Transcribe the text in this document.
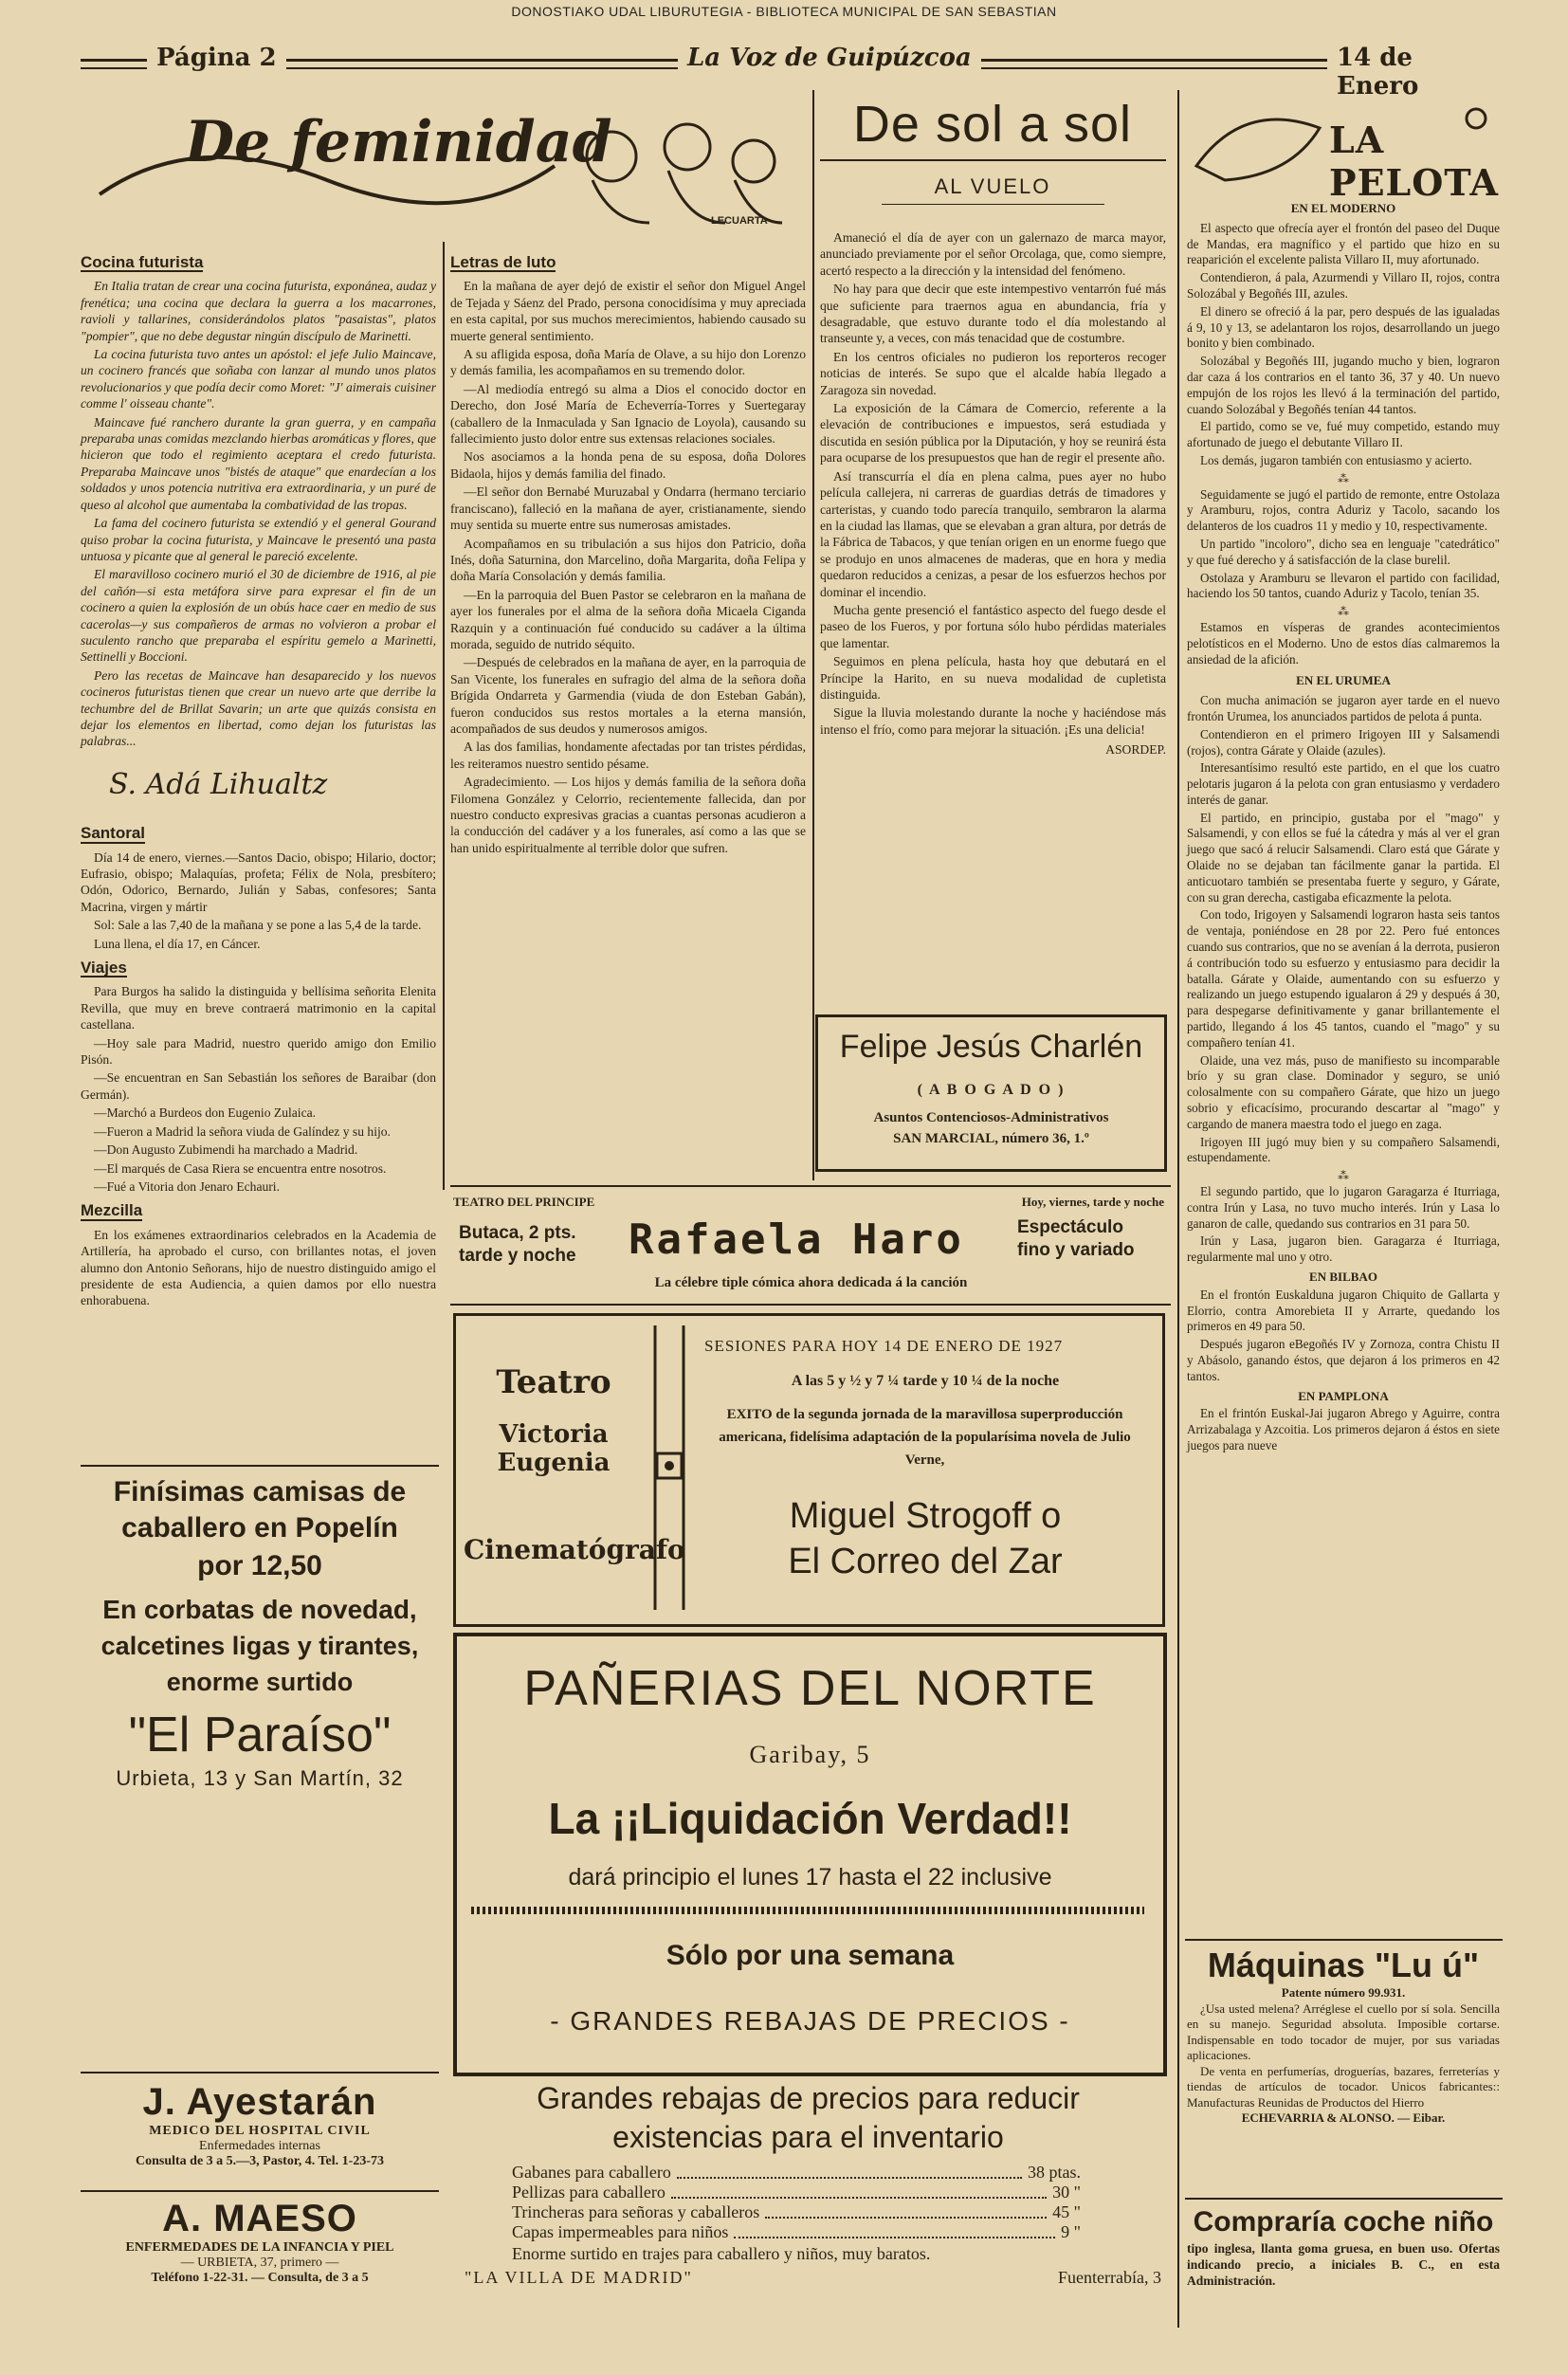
DONOSTIAKO UDAL LIBURUTEGIA - BIBLIOTECA MUNICIPAL DE SAN SEBASTIAN
Página 2	La Voz de Guipúzcoa	14 de Enero
De feminidad
LECUARTA
Cocina futurista

En Italia tratan de crear una cocina futurista, exponánea, audaz y frenética; una cocina que declara la guerra a los macarrones, ravioli y tallarines, considerándolos platos "pasaistas", platos "pompier", que no debe degustar ningún discípulo de Marinetti.

La cocina futurista tuvo antes un apóstol: el jefe Julio Maincave, un cocinero francés que soñaba con lanzar al mundo unos platos revolucionarios y que podía decir como Moret: "J' aimerais cuisiner comme l' oisseau chante".

Maincave fué ranchero durante la gran guerra, y en campaña preparaba unas comidas mezclando hierbas aromáticas y flores, que hicieron que todo el regimiento aceptara el credo futurista. Preparaba Maincave unos "bistés de ataque" que enardecían a los soldados y unos potencia nutritiva era extraordinaria, y un puré de queso al alcohol que aumentaba la combatividad de las tropas.

La fama del cocinero futurista se extendió y el general Gourand quiso probar la cocina futurista, y Maincave le presentó una pasta untuosa y picante que al general le pareció excelente.

El maravilloso cocinero murió el 30 de diciembre de 1916, al pie del cañón—si esta metáfora sirve para expresar el fin de un cocinero a quien la explosión de un obús hace caer en medio de sus cacerolas—y sus compañeros de armas no volvieron a probar el suculento rancho que preparaba el espíritu gemelo a Marinetti, Settinelli y Boccioni.

Pero las recetas de Maincave han desaparecido y los nuevos cocineros futuristas tienen que crear un nuevo arte que derribe la techumbre del de Brillat Savarin; un arte que quizás consista en dejar los elementos en libertad, como dejan los futuristas las palabras...

S. Adá Lihualtz
Santoral

Día 14 de enero, viernes.—Santos Dacio, obispo; Hilario, doctor; Eufrasio, obispo; Malaquías, profeta; Félix de Nola, presbítero; Odón, Odorico, Bernardo, Julián y Sabas, confesores; Santa Macrina, virgen y mártir

Sol: Sale a las 7,40 de la mañana y se pone a las 5,4 de la tarde.

Luna llena, el día 17, en Cáncer.

Viajes

Para Burgos ha salido la distinguida y bellísima señorita Elenita Revilla, que muy en breve contraerá matrimonio en la capital castellana.

—Hoy sale para Madrid, nuestro querido amigo don Emilio Pisón.

—Se encuentran en San Sebastián los señores de Baraibar (don Germán).

—Marchó a Burdeos don Eugenio Zulaica.

—Fueron a Madrid la señora viuda de Galíndez y su hijo.

—Don Augusto Zubimendi ha marchado a Madrid.

—El marqués de Casa Riera se encuentra entre nosotros.

—Fué a Vitoria don Jenaro Echauri.

Mezcilla

En los exámenes extraordinarios celebrados en la Academia de Artillería, ha aprobado el curso, con brillantes notas, el joven alumno don Antonio Señorans, hijo de nuestro distinguido amigo el presidente de esta Audiencia, a quien damos por ello nuestra enhorabuena.

Letras de luto

En la mañana de ayer dejó de existir el señor don Miguel Angel de Tejada y Sáenz del Prado, persona conocidísima y muy apreciada en esta capital, por sus muchos merecimientos, habiendo causado su muerte general sentimiento.

A su afligida esposa, doña María de Olave, a su hijo don Lorenzo y demás familia, les acompañamos en su tremendo dolor.

—Al mediodía entregó su alma a Dios el conocido doctor en Derecho, don José María de Echeverría-Torres y Suertegaray (caballero de la Inmaculada y San Ignacio de Loyola), causando su fallecimiento justo dolor entre sus extensas relaciones sociales.

Nos asociamos a la honda pena de su esposa, doña Dolores Bidaola, hijos y demás familia del finado.

—El señor don Bernabé Muruzabal y Ondarra (hermano terciario franciscano), falleció en la mañana de ayer, cristianamente, siendo muy sentida su muerte entre sus numerosas amistades.

Acompañamos en su tribulación a sus hijos don Patricio, doña Inés, doña Saturnina, don Marcelino, doña Margarita, doña Felipa y doña María Consolación y demás familia.

—En la parroquia del Buen Pastor se celebraron en la mañana de ayer los funerales por el alma de la señora doña Micaela Ciganda Razquin y a continuación fué conducido su cadáver a la última morada, seguido de nutrido séquito.

—Después de celebrados en la mañana de ayer, en la parroquia de San Vicente, los funerales en sufragio del alma de la señora doña Brígida Ondarreta y Garmendia (viuda de don Esteban Gabán), fueron conducidos sus restos mortales a la eterna mansión, acompañados de sus deudos y numerosos amigos.

A las dos familias, hondamente afectadas por tan tristes pérdidas, les reiteramos nuestro sentido pésame.

Agradecimiento. — Los hijos y demás familia de la señora doña Filomena González y Celorrio, recientemente fallecida, dan por nuestro conducto expresivas gracias a cuantas personas acudieron a la conducción del cadáver y a los funerales, así como a las que se han unido espiritualmente al terrible dolor que sufren.

De sol a sol
AL VUELO

Amaneció el día de ayer con un galernazo de marca mayor, anunciado previamente por el señor Orcolaga, que, como siempre, acertó respecto a la dirección y la intensidad del fenómeno.

No hay para que decir que este intempestivo ventarrón fué más que suficiente para traernos agua en abundancia, fría y desagradable, que estuvo durante todo el día molestando al transeunte y, a veces, con más tenacidad que de costumbre.

En los centros oficiales no pudieron los reporteros recoger noticias de interés. Se supo que el alcalde había llegado a Zaragoza sin novedad.

La exposición de la Cámara de Comercio, referente a la elevación de contribuciones e impuestos, será estudiada y discutida en sesión pública por la Diputación, y hoy se reunirá ésta para ocuparse de los presupuestos que han de regir el presente año.

Así transcurría el día en plena calma, pues ayer no hubo película callejera, ni carreras de guardias detrás de timadores y carteristas, y cuando todo parecía tranquilo, sembraron la alarma en la ciudad las llamas, que se elevaban a gran altura, por detrás de la Fábrica de Tabacos, y que tenían origen en un enorme fuego que se produjo en unos almacenes de maderas, que en hora y media quedaron reducidos a cenizas, a pesar de los esfuerzos hechos por dominar el incendio.

Mucha gente presenció el fantástico aspecto del fuego desde el paseo de los Fueros, y por fortuna sólo hubo pérdidas materiales que lamentar.

Seguimos en plena película, hasta hoy que debutará en el Príncipe la Harito, en su nueva modalidad de cupletista distinguida.

Sigue la lluvia molestando durante la noche y haciéndose más intenso el frío, como para mejorar la situación. ¡Es una delicia!

ASORDEP.
Felipe Jesús Charlén
( A B O G A D O )
Asuntos Contenciosos-Administrativos
SAN MARCIAL, número 36, 1.º
TEATRO DEL PRINCIPE	Hoy, viernes, tarde y noche
Butaca, 2 pts.
tarde y noche Rafaela Haro	Espectáculo
fino y variado
La célebre tiple cómica ahora dedicada á la canción
Teatro
Victoria Eugenia
Cinematógrafo
SESIONES PARA HOY 14 DE ENERO DE 1927
A las 5 y ½ y 7 ¼ tarde y 10 ¼ de la noche
EXITO de la segunda jornada de la maravillosa superproducción americana, fidelísima adaptación de la popularísima novela de Julio Verne,
Miguel Strogoff o
El Correo del Zar
PAÑERIAS DEL NORTE
Garibay, 5
La ¡¡Liquidación Verdad!!
dará principio el lunes 17 hasta el 22 inclusive
Sólo por una semana
- GRANDES REBAJAS DE PRECIOS -
Grandes rebajas de precios para reducir
existencias para el inventario
Gabanes para caballero	38 ptas.
Pellizas para caballero	30 "
Trincheras para señoras y caballeros	45 "
Capas impermeables para niños	9 "
Enorme surtido en trajes para caballero y niños, muy baratos.
"LA VILLA DE MADRID"	Fuenterrabía, 3
Finísimas camisas de
caballero en Popelín
por 12,50
En corbatas de novedad,
calcetines ligas y tirantes,
enorme surtido
"El Paraíso"
Urbieta, 13 y San Martín, 32
J. Ayestarán
MEDICO DEL HOSPITAL CIVIL
Enfermedades internas
Consulta de 3 a 5.—3, Pastor, 4. Tel. 1-23-73
A. MAESO
ENFERMEDADES DE LA INFANCIA Y PIEL
— URBIETA, 37, primero —
Teléfono 1-22-31. — Consulta, de 3 a 5
LA PELOTA
EN EL MODERNO

El aspecto que ofrecía ayer el frontón del paseo del Duque de Mandas, era magnífico y el partido que hizo en su reaparición el excelente palista Villaro II, muy afortunado.

Contendieron, á pala, Azurmendi y Villaro II, rojos, contra Solozábal y Begoñés III, azules.

El dinero se ofreció á la par, pero después de las igualadas á 9, 10 y 13, se adelantaron los rojos, desarrollando un juego bonito y bien combinado.

Solozábal y Begoñés III, jugando mucho y bien, lograron dar caza á los contrarios en el tanto 36, 37 y 40. Un nuevo empujón de los rojos les llevó á la terminación del partido, cuando Solozábal y Begoñés tenían 44 tantos.

El partido, como se ve, fué muy competido, estando muy afortunado de juego el debutante Villaro II.

Los demás, jugaron también con entusiasmo y acierto.

⁂

Seguidamente se jugó el partido de remonte, entre Ostolaza y Aramburu, rojos, contra Aduriz y Tacolo, sacando los delanteros de los cuadros 11 y medio y 10, respectivamente.

Un partido "incoloro", dicho sea en lenguaje "catedrático" y que fué derecho y á satisfacción de la clase burelil.

Ostolaza y Aramburu se llevaron el partido con facilidad, haciendo los 50 tantos, cuando Aduriz y Tacolo, tenían 35.

⁂

Estamos en vísperas de grandes acontecimientos pelotísticos en el Moderno. Uno de estos días calmaremos la ansiedad de la afición.

EN EL URUMEA

Con mucha animación se jugaron ayer tarde en el nuevo frontón Urumea, los anunciados partidos de pelota á punta.

Contendieron en el primero Irigoyen III y Salsamendi (rojos), contra Gárate y Olaide (azules).

Interesantísimo resultó este partido, en el que los cuatro pelotaris jugaron á la pelota con gran entusiasmo y verdadero interés de ganar.

El partido, en principio, gustaba por el "mago" y Salsamendi, y con ellos se fué la cátedra y más al ver el gran juego que sacó á relucir Salsamendi. Claro está que Gárate y Olaide no se dejaban tan fácilmente ganar la partida. El anticuotaro también se presentaba fuerte y seguro, y Gárate, con su gran derecha, castigaba eficazmente la pelota.

Con todo, Irigoyen y Salsamendi lograron hasta seis tantos de ventaja, poniéndose en 28 por 22. Pero fué entonces cuando sus contrarios, que no se avenían á la derrota, pusieron á contribución todo su esfuerzo y entusiasmo para decidir la batalla. Gárate y Olaide, aumentando con su esfuerzo y realizando un juego estupendo igualaron á 29 y después á 30, para despegarse definitivamente y ganar brillantemente el partido, llegando á los 45 tantos, cuando el "mago" y su compañero tenían 41.

Olaide, una vez más, puso de manifiesto su incomparable brío y su gran clase. Dominador y seguro, se unió colosalmente con su compañero Gárate, que hizo un juego sobrio y eficacísimo, procurando descartar al "mago" y cargando de manera maestra todo el juego en zaga.

Irigoyen III jugó muy bien y su compañero Salsamendi, estupendamente.

⁂

El segundo partido, que lo jugaron Garagarza é Iturriaga, contra Irún y Lasa, no tuvo mucho interés. Irún y Lasa lo ganaron de calle, quedando sus contrarios en 31 para 50.

Irún y Lasa, jugaron bien. Garagarza é Iturriaga, regularmente mal uno y otro.

EN BILBAO

En el frontón Euskalduna jugaron Chiquito de Gallarta y Elorrio, contra Amorebieta II y Arrarte, quedando los primeros en 49 para 50.

Después jugaron eBegoñés IV y Zornoza, contra Chistu II y Abásolo, ganando éstos, que dejaron á los primeros en 42 tantos.

EN PAMPLONA

En el frintón Euskal-Jai jugaron Abrego y Aguirre, contra Arrizabalaga y Azcoitia. Los primeros dejaron á éstos en siete juegos para nueve

Máquinas "Lu ú"
Patente número 99.931.
¿Usa usted melena? Arréglese el cuello por sí sola. Sencilla en su manejo. Seguridad absoluta. Imposible cortarse. Indispensable en todo tocador de mujer, por sus variadas aplicaciones.
De venta en perfumerías, droguerías, bazares, ferreterías y tiendas de artículos de tocador. Unicos fabricantes:: Manufacturas Reunidas de Productos del Hierro
ECHEVARRIA & ALONSO. — Eibar.
Compraría coche niño
tipo inglesa, llanta goma gruesa, en buen uso. Ofertas indicando precio, a iniciales B. C., en esta Administración.
